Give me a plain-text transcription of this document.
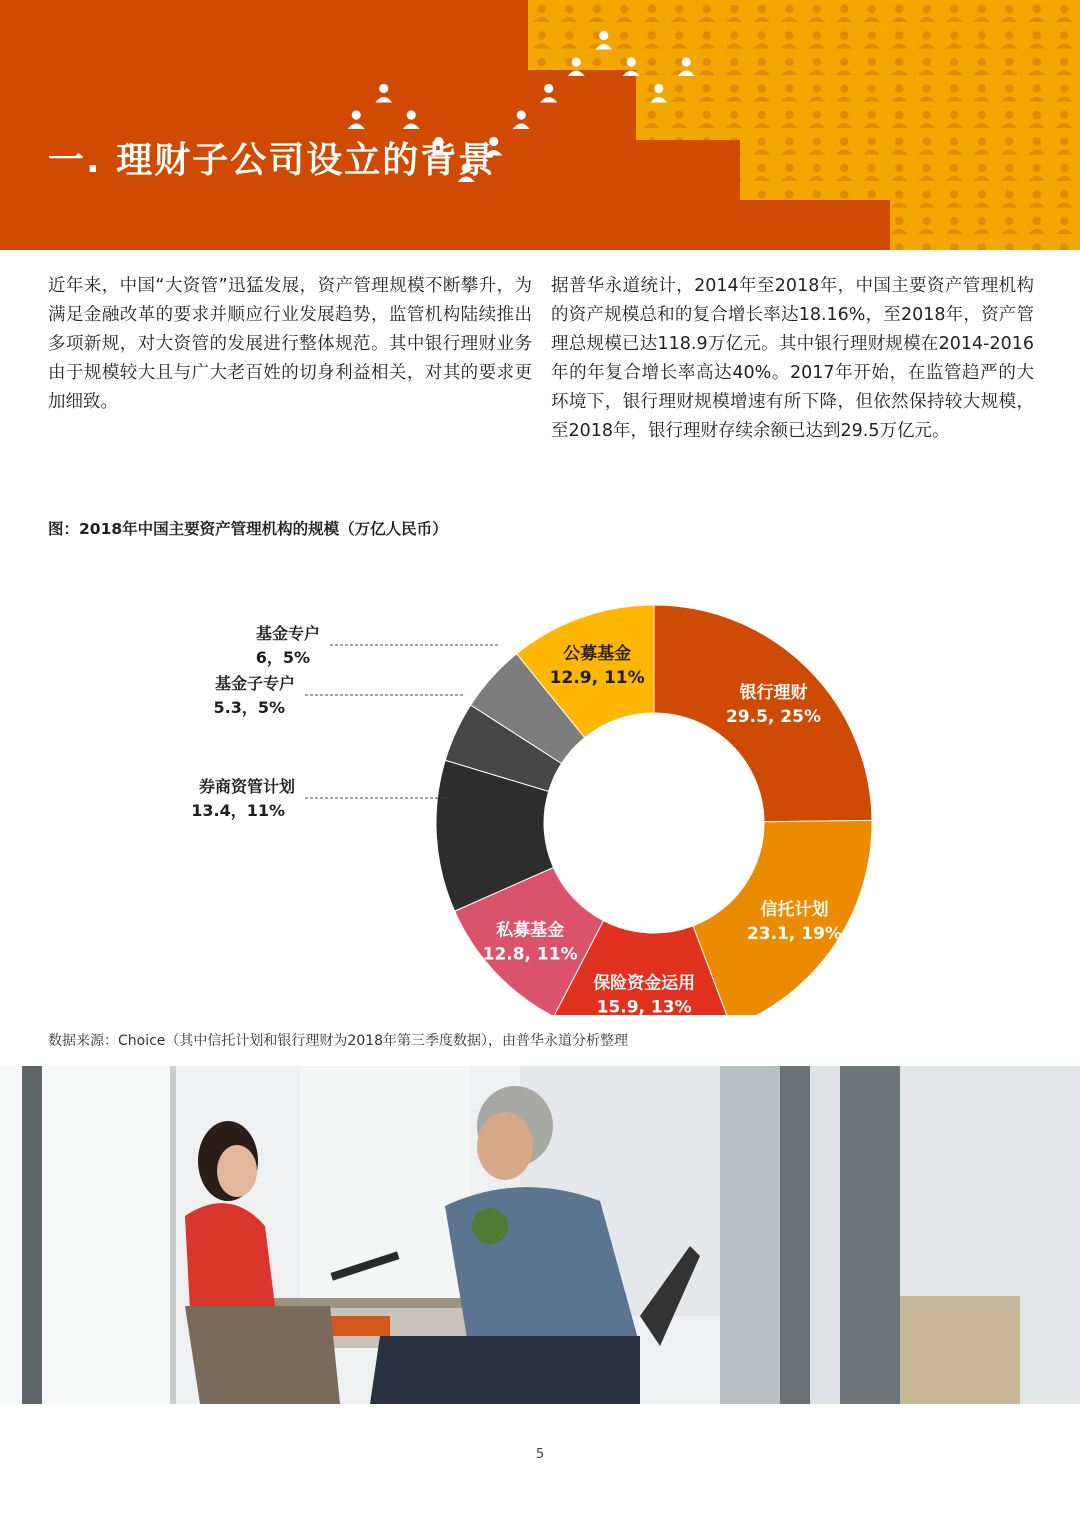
一. 理财子公司设立的背景

近年来，中国“大资管”迅猛发展，资产管理规模不断攀升，为满足金融改革的要求并顺应行业发展趋势，监管机构陆续推出多项新规，对大资管的发展进行整体规范。其中银行理财业务由于规模较大且与广大老百姓的切身利益相关，对其的要求更加细致。

据普华永道统计，2014年至2018年，中国主要资产管理机构的资产规模总和的复合增长率达18.16%，至2018年，资产管理总规模已达118.9万亿元。其中银行理财规模在2014-2016年的年复合增长率高达40%。2017年开始，在监管趋严的大环境下，银行理财规模增速有所下降，但依然保持较大规模，至2018年，银行理财存续余额已达到29.5万亿元。

图：2018年中国主要资产管理机构的规模（万亿人民币）
银行理财
29.5, 25%
信托计划
23.1, 19%
保险资金运用
15.9, 13%
私募基金
12.8, 11%
券商资管计划
13.4，11%
基金子专户
5.3，5%
基金专户
6，5%	公募基金
12.9, 11%
数据来源：Choice（其中信托计划和银行理财为2018年第三季度数据），由普华永道分析整理
5
